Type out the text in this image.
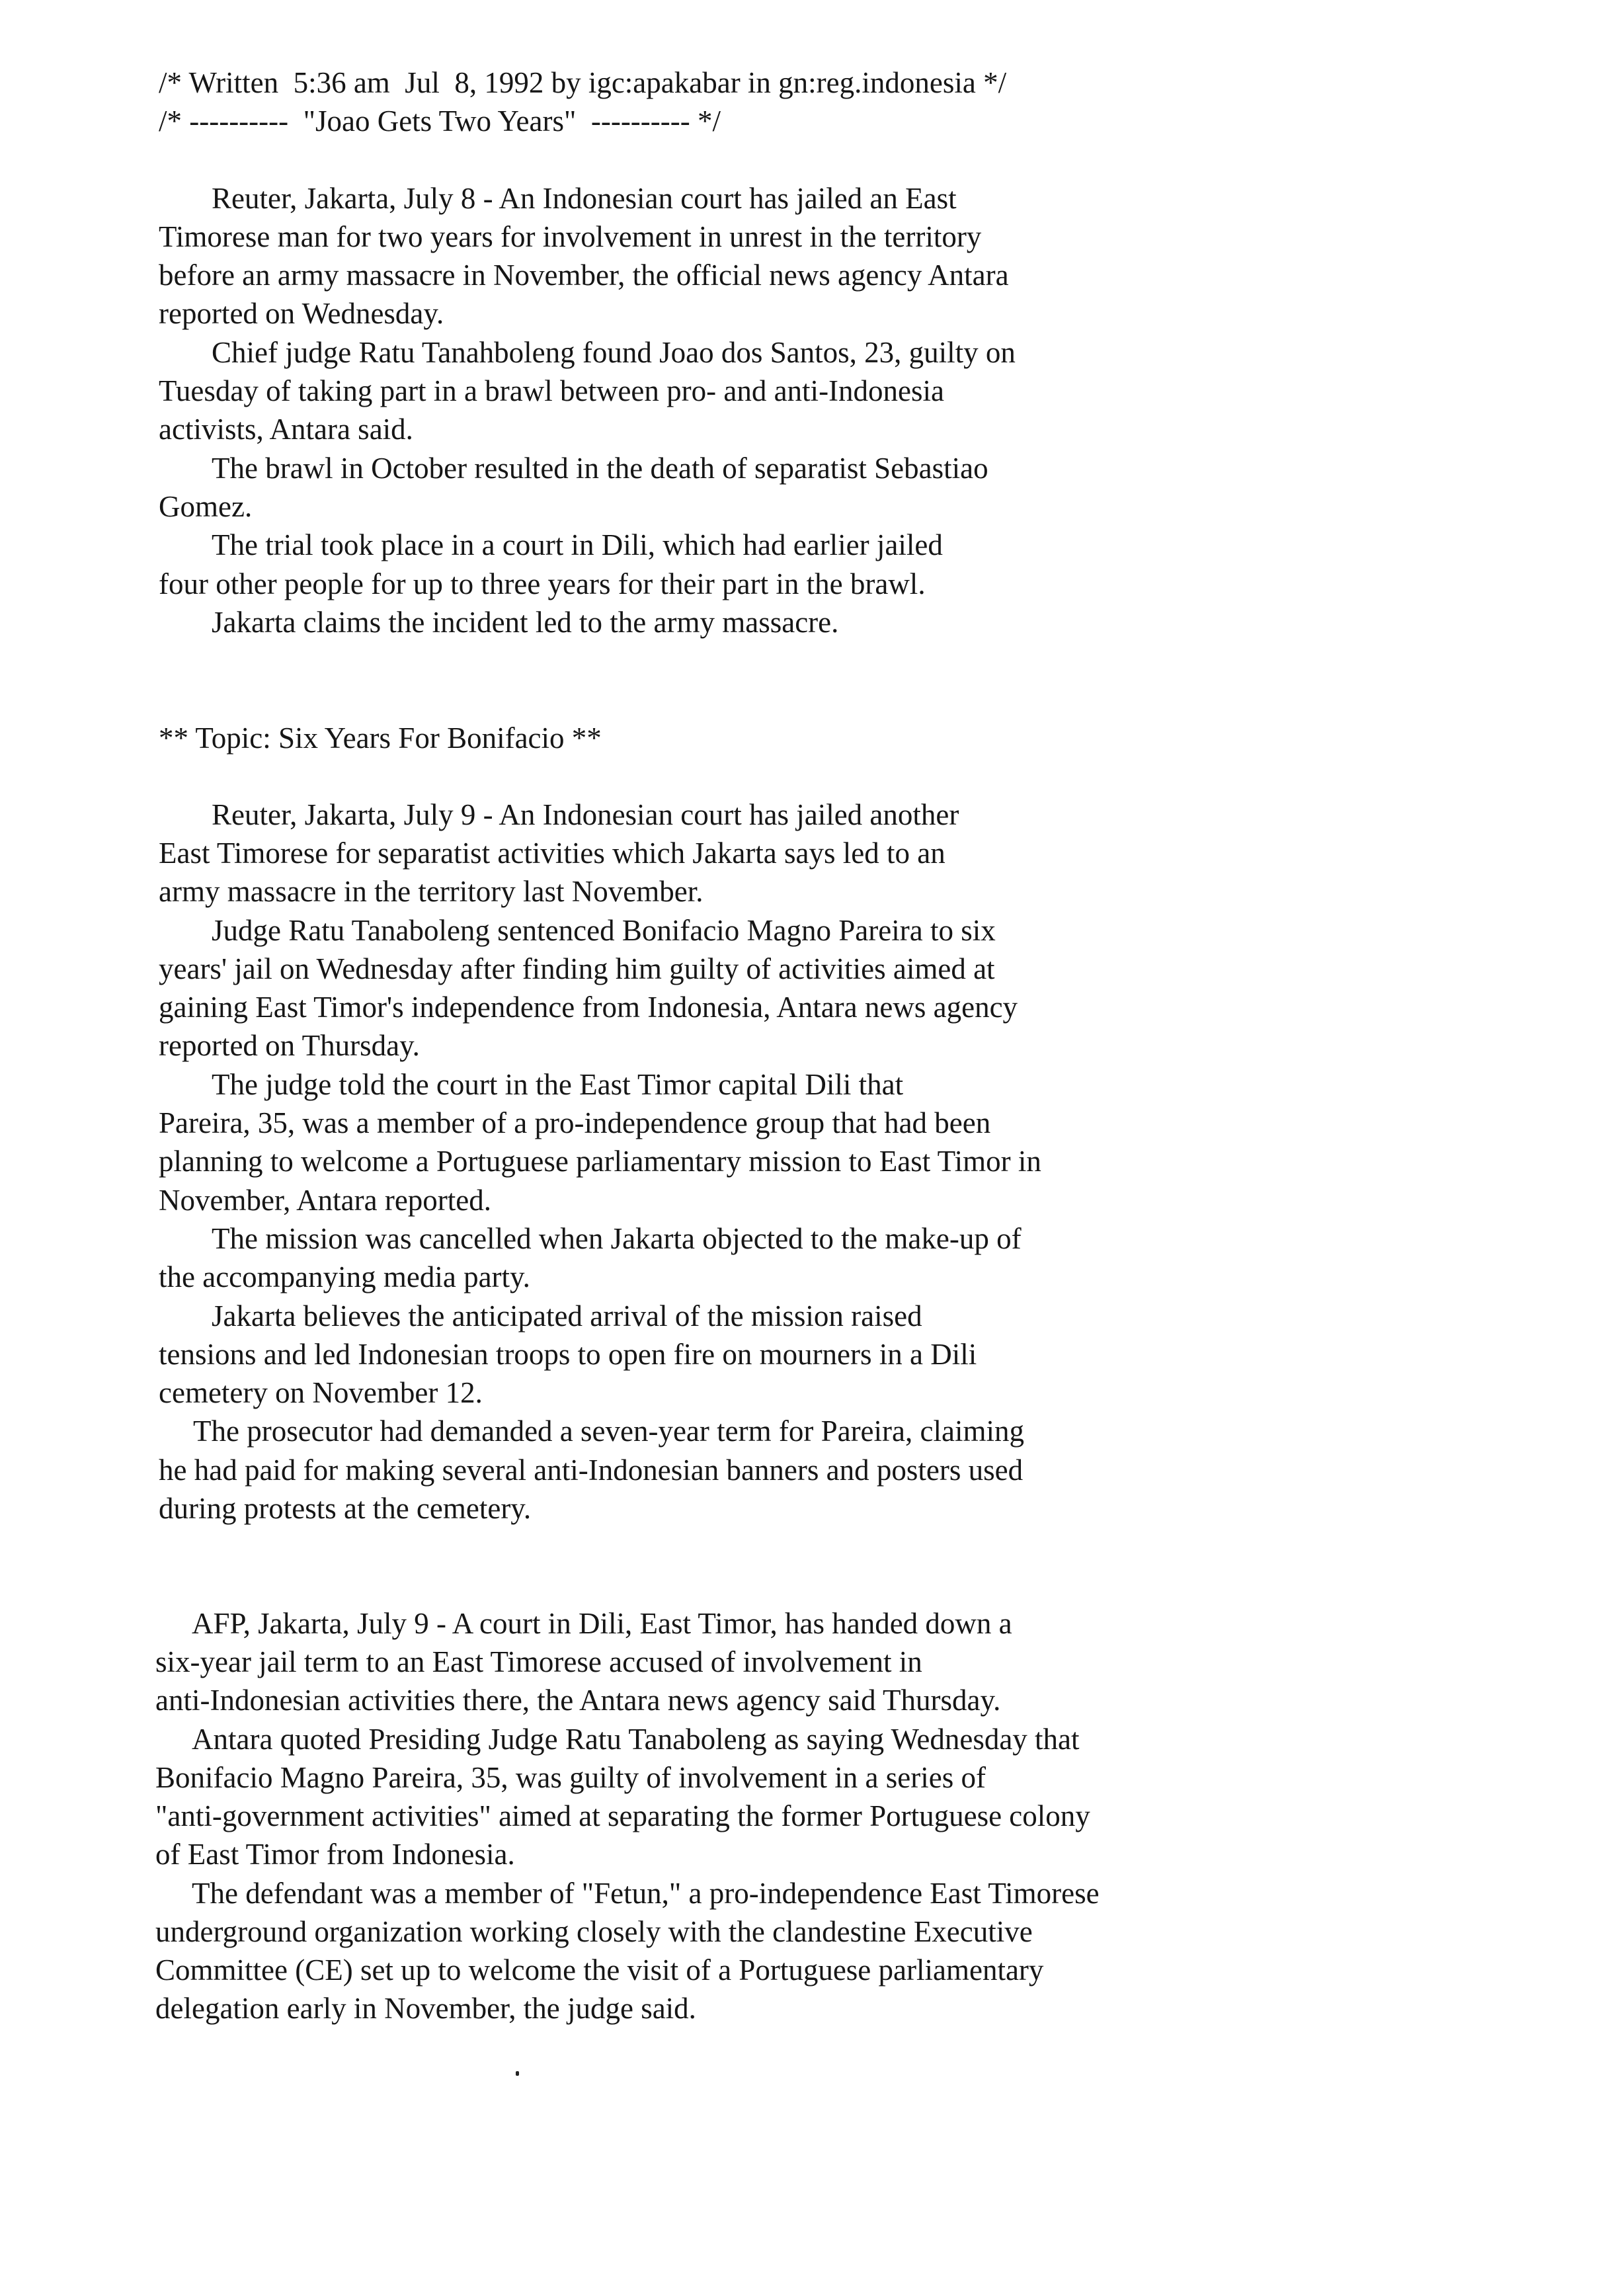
/* Written  5:36 am  Jul  8, 1992 by igc:apakabar in gn:reg.indonesia */

/* ----------  "Joao Gets Two Years"  ---------- */

Reuter, Jakarta, July 8 - An Indonesian court has jailed an East

Timorese man for two years for involvement in unrest in the territory

before an army massacre in November, the official news agency Antara

reported on Wednesday.

Chief judge Ratu Tanahboleng found Joao dos Santos, 23, guilty on

Tuesday of taking part in a brawl between pro- and anti-Indonesia

activists, Antara said.

The brawl in October resulted in the death of separatist Sebastiao

Gomez.

The trial took place in a court in Dili, which had earlier jailed

four other people for up to three years for their part in the brawl.

Jakarta claims the incident led to the army massacre.

** Topic: Six Years For Bonifacio **

Reuter, Jakarta, July 9 - An Indonesian court has jailed another

East Timorese for separatist activities which Jakarta says led to an

army massacre in the territory last November.

Judge Ratu Tanaboleng sentenced Bonifacio Magno Pareira to six

years' jail on Wednesday after finding him guilty of activities aimed at

gaining East Timor's independence from Indonesia, Antara news agency

reported on Thursday.

The judge told the court in the East Timor capital Dili that

Pareira, 35, was a member of a pro-independence group that had been

planning to welcome a Portuguese parliamentary mission to East Timor in

November, Antara reported.

The mission was cancelled when Jakarta objected to the make-up of

the accompanying media party.

Jakarta believes the anticipated arrival of the mission raised

tensions and led Indonesian troops to open fire on mourners in a Dili

cemetery on November 12.

The prosecutor had demanded a seven-year term for Pareira, claiming

he had paid for making several anti-Indonesian banners and posters used

during protests at the cemetery.

AFP, Jakarta, July 9 - A court in Dili, East Timor, has handed down a

six-year jail term to an East Timorese accused of involvement in

anti-Indonesian activities there, the Antara news agency said Thursday.

Antara quoted Presiding Judge Ratu Tanaboleng as saying Wednesday that

Bonifacio Magno Pareira, 35, was guilty of involvement in a series of

"anti-government activities" aimed at separating the former Portuguese colony

of East Timor from Indonesia.

The defendant was a member of "Fetun," a pro-independence East Timorese

underground organization working closely with the clandestine Executive

Committee (CE) set up to welcome the visit of a Portuguese parliamentary

delegation early in November, the judge said.
